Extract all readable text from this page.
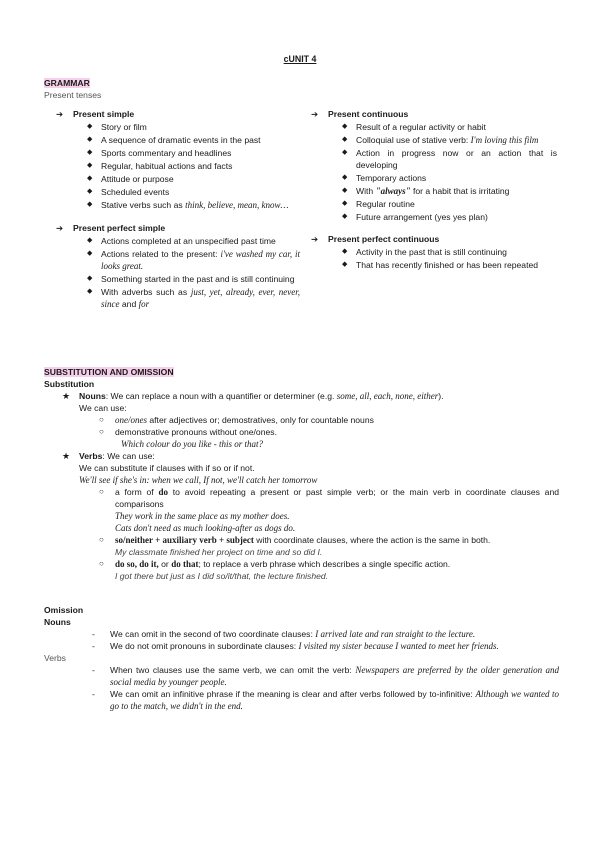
cUNIT 4
GRAMMAR
Present tenses
➔ Present simple
◆ Story or film
◆ A sequence of dramatic events in the past
◆ Sports commentary and headlines
◆ Regular, habitual actions and facts
◆ Attitude or purpose
◆ Scheduled events
◆ Stative verbs such as think, believe, mean, know…
➔ Present perfect simple
◆ Actions completed at an unspecified past time
◆ Actions related to the present: i've washed my car, it looks great.
◆ Something started in the past and is still continuing
◆ With adverbs such as just, yet, already, ever, never, since and for
➔ Present continuous
◆ Result of a regular activity or habit
◆ Colloquial use of stative verb: I'm loving this film
◆ Action in progress now or an action that is developing
◆ Temporary actions
◆ With "always" for a habit that is irritating
◆ Regular routine
◆ Future arrangement (yes yes plan)
➔ Present perfect continuous
◆ Activity in the past that is still continuing
◆ That has recently finished or has been repeated
SUBSTITUTION AND OMISSION
Substitution
★ Nouns: We can replace a noun with a quantifier or determiner (e.g. some, all, each, none, either).
We can use:
○ one/ones after adjectives or; demostratives, only for countable nouns
○ demonstrative pronouns without one/ones.
Which colour do you like - this or that?
★ Verbs: We can use:
We can substitute if clauses with if so or if not.
We'll see if she's in: when we call, If not, we'll catch her tomorrow
○ a form of do to avoid repeating a present or past simple verb; or the main verb in coordinate clauses and comparisons
They work in the same place as my mother does.
Cats don't need as much looking-after as dogs do.
○ so/neither + auxiliary verb + subject with coordinate clauses, where the action is the same in both.
My classmate finished her project on time and so did I.
○ do so, do it, or do that; to replace a verb phrase which describes a single specific action.
I got there but just as I did so/it/that, the lecture finished.
Omission
Nouns
- We can omit in the second of two coordinate clauses: I arrived late and ran straight to the lecture.
- We do not omit pronouns in subordinate clauses: I visited my sister because I wanted to meet her friends.
Verbs
- When two clauses use the same verb, we can omit the verb: Newspapers are preferred by the older generation and social media by younger people.
- We can omit an infinitive phrase if the meaning is clear and after verbs followed by to-infinitive: Although we wanted to go to the match, we didn't in the end.
